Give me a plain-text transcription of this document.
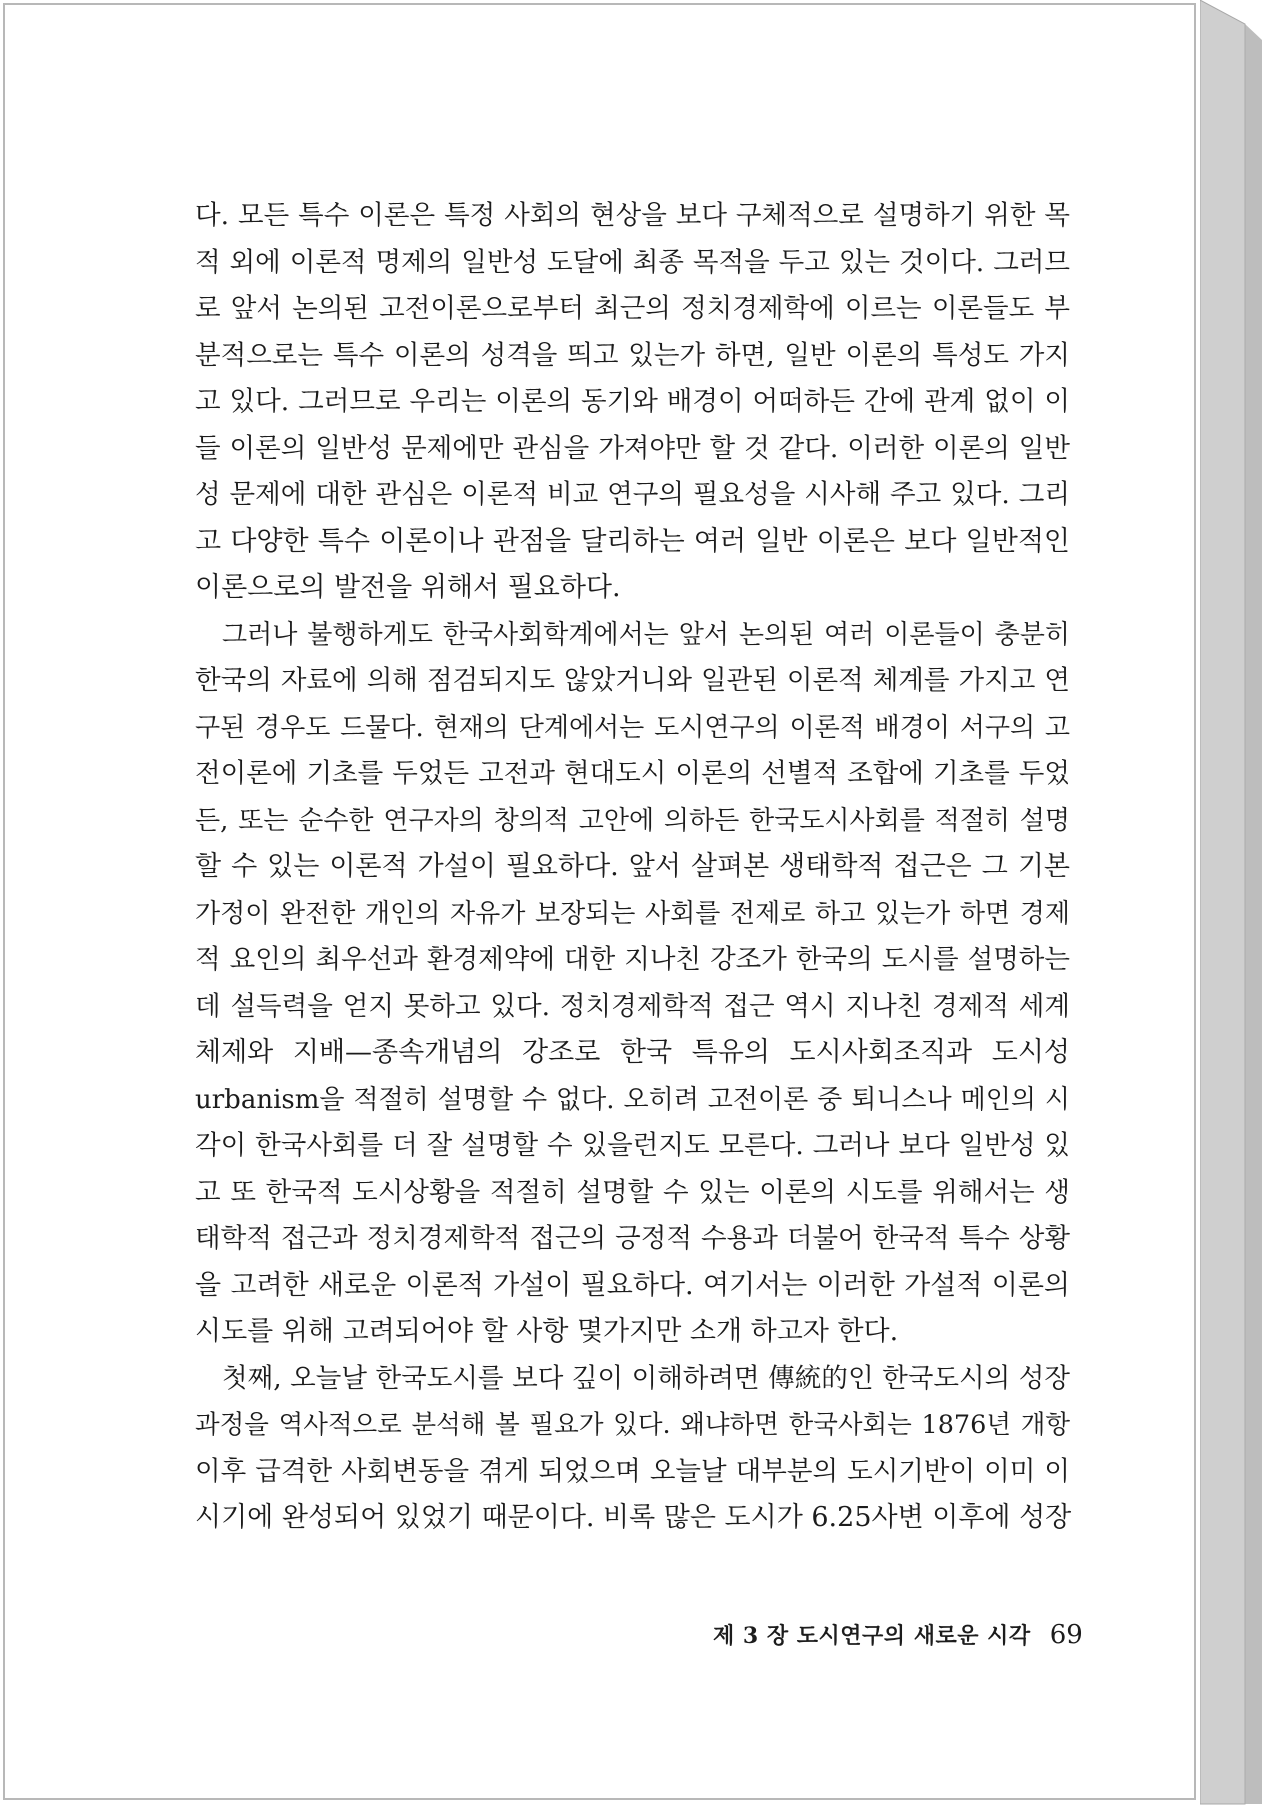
다. 모든 특수 이론은 특정 사회의 현상을 보다 구체적으로 설명하기 위한 목
적 외에 이론적 명제의 일반성 도달에 최종 목적을 두고 있는 것이다. 그러므
로 앞서 논의된 고전이론으로부터 최근의 정치경제학에 이르는 이론들도 부
분적으로는 특수 이론의 성격을 띄고 있는가 하면, 일반 이론의 특성도 가지
고 있다. 그러므로 우리는 이론의 동기와 배경이 어떠하든 간에 관계 없이 이
들 이론의 일반성 문제에만 관심을 가져야만 할 것 같다. 이러한 이론의 일반
성 문제에 대한 관심은 이론적 비교 연구의 필요성을 시사해 주고 있다. 그리
고 다양한 특수 이론이나 관점을 달리하는 여러 일반 이론은 보다 일반적인
이론으로의 발전을 위해서 필요하다.
그러나 불행하게도 한국사회학계에서는 앞서 논의된 여러 이론들이 충분히
한국의 자료에 의해 점검되지도 않았거니와 일관된 이론적 체계를 가지고 연
구된 경우도 드물다. 현재의 단계에서는 도시연구의 이론적 배경이 서구의 고
전이론에 기초를 두었든 고전과 현대도시 이론의 선별적 조합에 기초를 두었
든, 또는 순수한 연구자의 창의적 고안에 의하든 한국도시사회를 적절히 설명
할 수 있는 이론적 가설이 필요하다. 앞서 살펴본 생태학적 접근은 그 기본
가정이 완전한 개인의 자유가 보장되는 사회를 전제로 하고 있는가 하면 경제
적 요인의 최우선과 환경제약에 대한 지나친 강조가 한국의 도시를 설명하는
데 설득력을 얻지 못하고 있다. 정치경제학적 접근 역시 지나친 경제적 세계
체제와 지배—종속개념의 강조로 한국 특유의 도시사회조직과 도시성
urbanism을 적절히 설명할 수 없다. 오히려 고전이론 중 퇴니스나 메인의 시
각이 한국사회를 더 잘 설명할 수 있을런지도 모른다. 그러나 보다 일반성 있
고 또 한국적 도시상황을 적절히 설명할 수 있는 이론의 시도를 위해서는 생
태학적 접근과 정치경제학적 접근의 긍정적 수용과 더불어 한국적 특수 상황
을 고려한 새로운 이론적 가설이 필요하다. 여기서는 이러한 가설적 이론의
시도를 위해 고려되어야 할 사항 몇가지만 소개 하고자 한다.
첫째, 오늘날 한국도시를 보다 깊이 이해하려면 傳統的인 한국도시의 성장
과정을 역사적으로 분석해 볼 필요가 있다. 왜냐하면 한국사회는 1876년 개항
이후 급격한 사회변동을 겪게 되었으며 오늘날 대부분의 도시기반이 이미 이
시기에 완성되어 있었기 때문이다. 비록 많은 도시가 6.25사변 이후에 성장
제 3 장 도시연구의 새로운 시각 69
